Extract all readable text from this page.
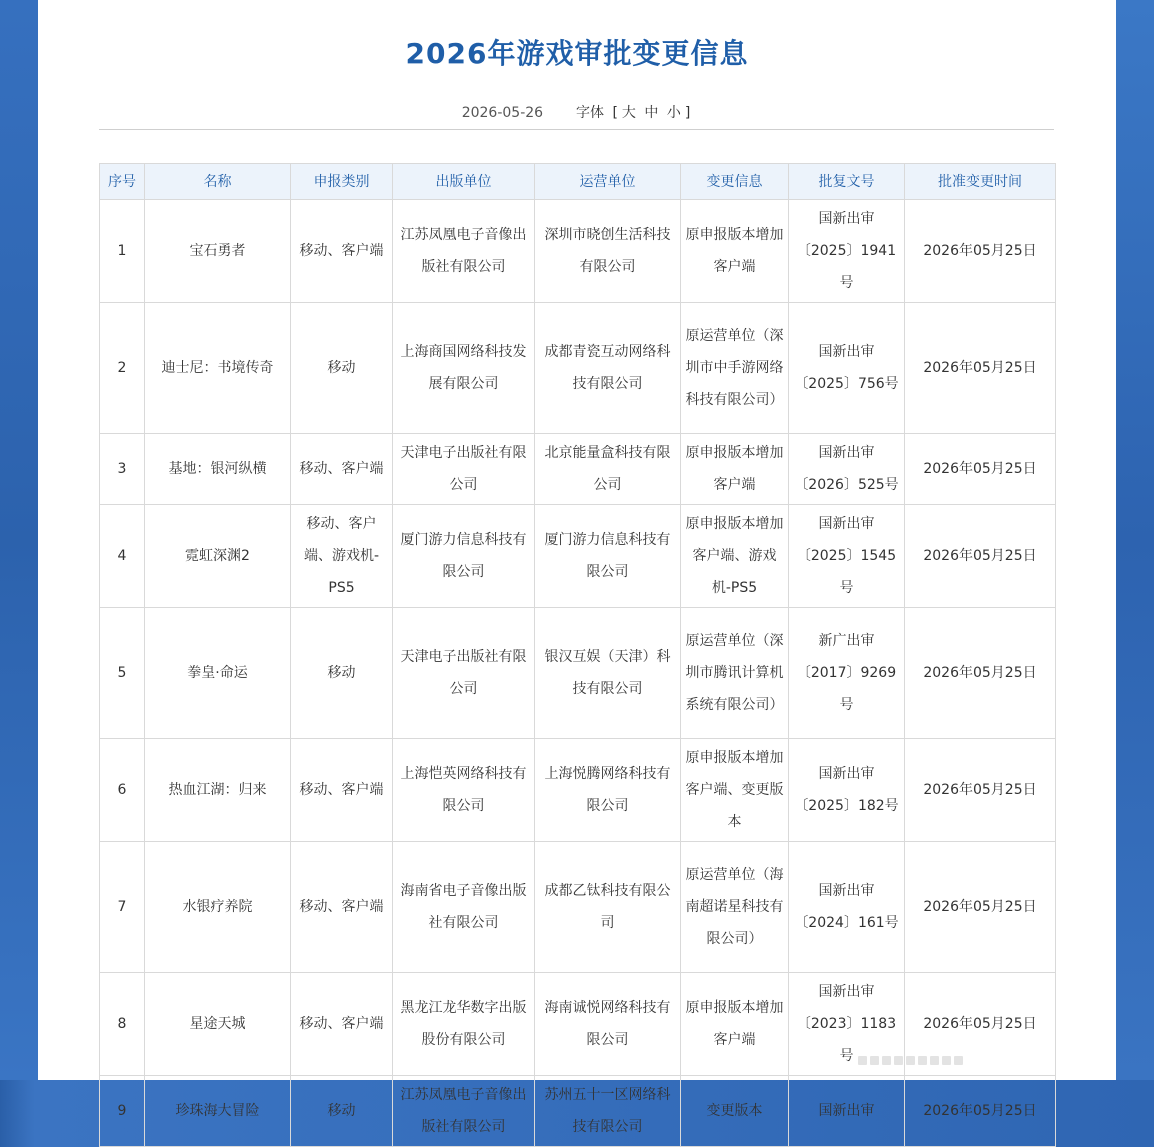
2026年游戏审批变更信息
2026-05-26 字体 [ 大 中 小 ]
序号	名称	申报类别	出版单位	运营单位	变更信息	批复文号	批准变更时间
1	宝石勇者	移动、客户端	江苏凤凰电子音像出版社有限公司	深圳市晓创生活科技有限公司	原申报版本增加客户端	国新出审〔2025〕1941号	2026年05月25日
2	迪士尼：书境传奇	移动	上海商国网络科技发展有限公司	成都青瓷互动网络科技有限公司	原运营单位（深圳市中手游网络科技有限公司）	国新出审〔2025〕756号	2026年05月25日
3	基地：银河纵横	移动、客户端	天津电子出版社有限公司	北京能量盒科技有限公司	原申报版本增加客户端	国新出审〔2026〕525号	2026年05月25日
4	霓虹深渊2	移动、客户端、游戏机-PS5	厦门游力信息科技有限公司	厦门游力信息科技有限公司	原申报版本增加客户端、游戏机-PS5	国新出审〔2025〕1545号	2026年05月25日
5	拳皇·命运	移动	天津电子出版社有限公司	银汉互娱（天津）科技有限公司	原运营单位（深圳市腾讯计算机系统有限公司）	新广出审〔2017〕9269号	2026年05月25日
6	热血江湖：归来	移动、客户端	上海恺英网络科技有限公司	上海悦腾网络科技有限公司	原申报版本增加客户端、变更版本	国新出审〔2025〕182号	2026年05月25日
7	水银疗养院	移动、客户端	海南省电子音像出版社有限公司	成都乙钛科技有限公司	原运营单位（海南超诺星科技有限公司）	国新出审〔2024〕161号	2026年05月25日
8	星途天城	移动、客户端	黑龙江龙华数字出版股份有限公司	海南诚悦网络科技有限公司	原申报版本增加客户端	国新出审〔2023〕1183号	2026年05月25日
9	珍珠海大冒险	移动	江苏凤凰电子音像出版社有限公司	苏州五十一区网络科技有限公司	变更版本	国新出审	2026年05月25日
